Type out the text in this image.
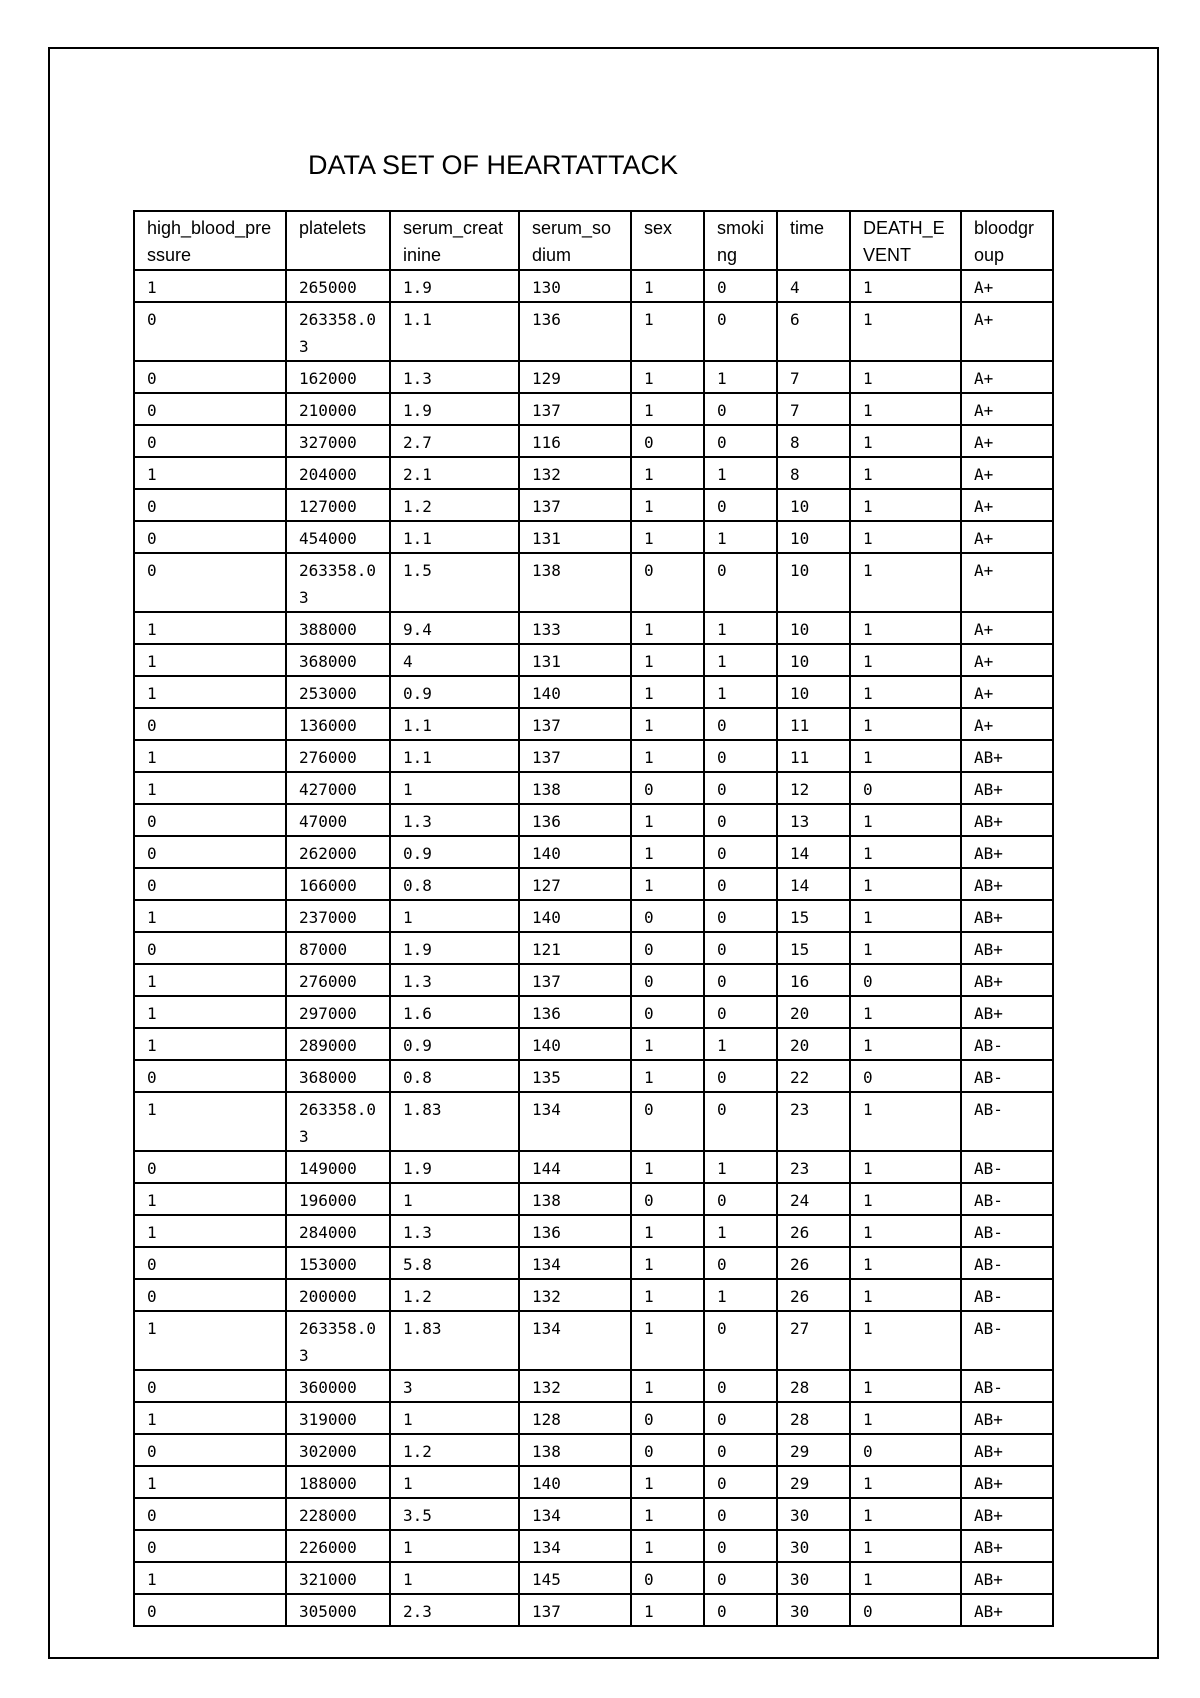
DATA SET OF HEARTATTACK
high_blood_pressure	platelets	serum_creatinine	serum_sodium	sex	smoking	time	DEATH_EVENT	bloodgroup
1	265000	1.9	130	1	0	4	1	A+
0	263358.03	1.1	136	1	0	6	1	A+
0	162000	1.3	129	1	1	7	1	A+
0	210000	1.9	137	1	0	7	1	A+
0	327000	2.7	116	0	0	8	1	A+
1	204000	2.1	132	1	1	8	1	A+
0	127000	1.2	137	1	0	10	1	A+
0	454000	1.1	131	1	1	10	1	A+
0	263358.03	1.5	138	0	0	10	1	A+
1	388000	9.4	133	1	1	10	1	A+
1	368000	4	131	1	1	10	1	A+
1	253000	0.9	140	1	1	10	1	A+
0	136000	1.1	137	1	0	11	1	A+
1	276000	1.1	137	1	0	11	1	AB+
1	427000	1	138	0	0	12	0	AB+
0	47000	1.3	136	1	0	13	1	AB+
0	262000	0.9	140	1	0	14	1	AB+
0	166000	0.8	127	1	0	14	1	AB+
1	237000	1	140	0	0	15	1	AB+
0	87000	1.9	121	0	0	15	1	AB+
1	276000	1.3	137	0	0	16	0	AB+
1	297000	1.6	136	0	0	20	1	AB+
1	289000	0.9	140	1	1	20	1	AB-
0	368000	0.8	135	1	0	22	0	AB-
1	263358.03	1.83	134	0	0	23	1	AB-
0	149000	1.9	144	1	1	23	1	AB-
1	196000	1	138	0	0	24	1	AB-
1	284000	1.3	136	1	1	26	1	AB-
0	153000	5.8	134	1	0	26	1	AB-
0	200000	1.2	132	1	1	26	1	AB-
1	263358.03	1.83	134	1	0	27	1	AB-
0	360000	3	132	1	0	28	1	AB-
1	319000	1	128	0	0	28	1	AB+
0	302000	1.2	138	0	0	29	0	AB+
1	188000	1	140	1	0	29	1	AB+
0	228000	3.5	134	1	0	30	1	AB+
0	226000	1	134	1	0	30	1	AB+
1	321000	1	145	0	0	30	1	AB+
0	305000	2.3	137	1	0	30	0	AB+
